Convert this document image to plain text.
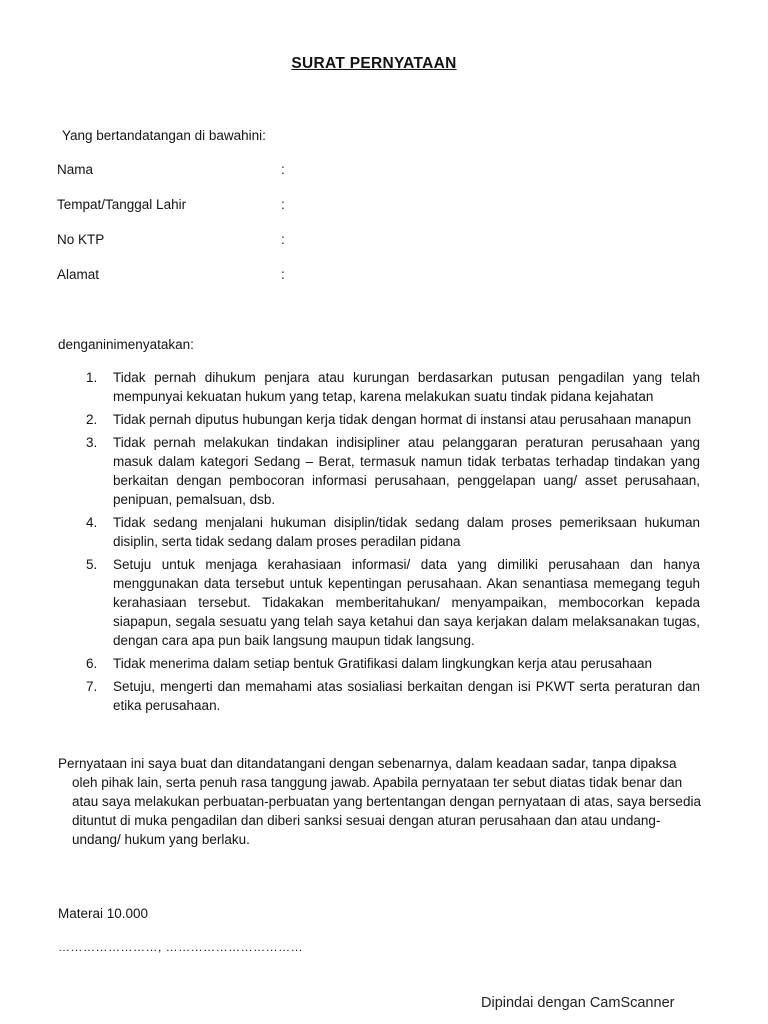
SURAT PERNYATAAN
Yang bertandatangan di bawahini:
Nama	:
Tempat/Tanggal Lahir	:
No KTP	:
Alamat	:
denganinimenyatakan:
1. Tidak pernah dihukum penjara atau kurungan berdasarkan putusan pengadilan yang telah mempunyai kekuatan hukum yang tetap, karena melakukan suatu tindak pidana kejahatan
2. Tidak pernah diputus hubungan kerja tidak dengan hormat di instansi atau perusahaan manapun
3. Tidak pernah melakukan tindakan indisipliner atau pelanggaran peraturan perusahaan yang masuk dalam kategori Sedang – Berat, termasuk namun tidak terbatas terhadap tindakan yang berkaitan dengan pembocoran informasi perusahaan, penggelapan uang/ asset perusahaan, penipuan, pemalsuan, dsb.
4. Tidak sedang menjalani hukuman disiplin/tidak sedang dalam proses pemeriksaan hukuman disiplin, serta tidak sedang dalam proses peradilan pidana
5. Setuju untuk menjaga kerahasiaan informasi/ data yang dimiliki perusahaan dan hanya menggunakan data tersebut untuk kepentingan perusahaan. Akan senantiasa memegang teguh kerahasiaan tersebut. Tidakakan memberitahukan/ menyampaikan, membocorkan kepada siapapun, segala sesuatu yang telah saya ketahui dan saya kerjakan dalam melaksanakan tugas, dengan cara apa pun baik langsung maupun tidak langsung.
6. Tidak menerima dalam setiap bentuk Gratifikasi dalam lingkungkan kerja atau perusahaan
7. Setuju, mengerti dan memahami atas sosialiasi berkaitan dengan isi PKWT serta peraturan dan etika perusahaan.
Pernyataan ini saya buat dan ditandatangani dengan sebenarnya, dalam keadaan sadar, tanpa dipaksa oleh pihak lain, serta penuh rasa tanggung jawab. Apabila pernyataan ter sebut diatas tidak benar dan atau saya melakukan perbuatan-perbuatan yang bertentangan dengan pernyataan di atas, saya bersedia dituntut di muka pengadilan dan diberi sanksi sesuai dengan aturan perusahaan dan atau undang-undang/ hukum yang berlaku.
Materai 10.000
……………………, ……………………………
Dipindai dengan CamScanner
